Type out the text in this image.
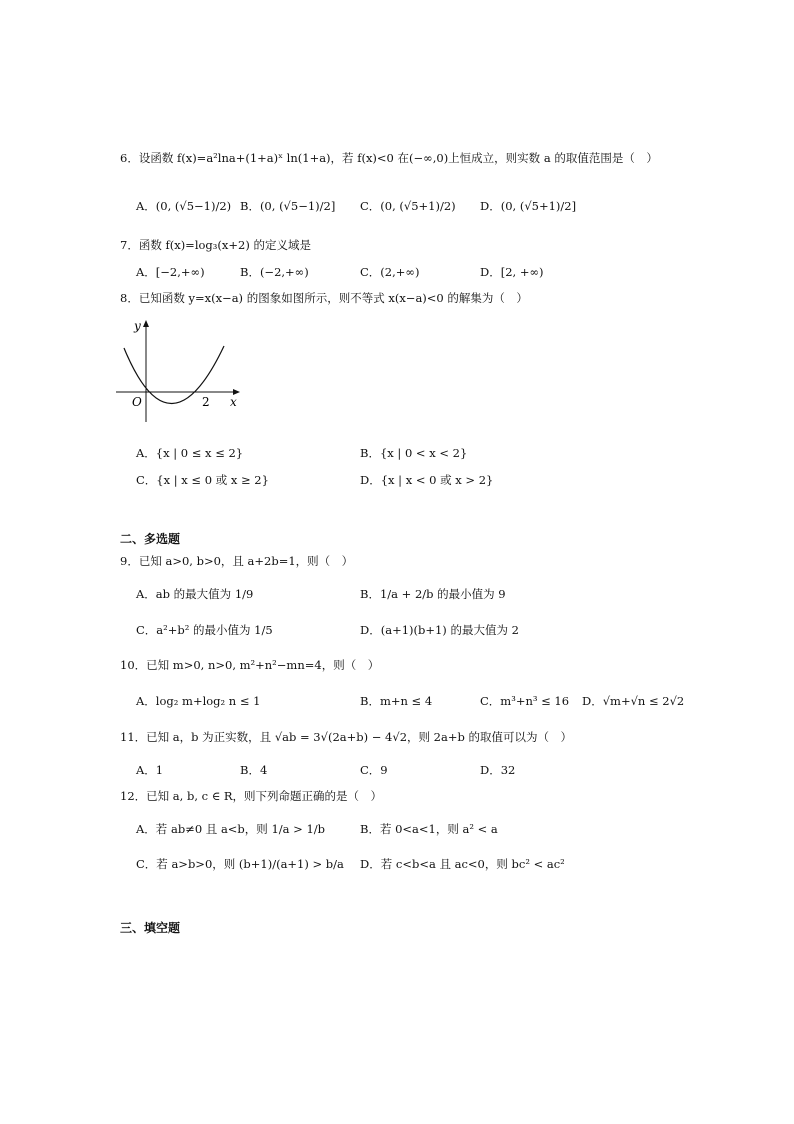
6．设函数 f(x)=a²lna+(1+a)ˣ ln(1+a)，若 f(x)<0 在(−∞,0)上恒成立，则实数 a 的取值范围是（　）
A．(0, (√5−1)/2) B．(0, (√5−1)/2] C．(0, (√5+1)/2) D．(0, (√5+1)/2]
7．函数 f(x)=log₃(x+2) 的定义域是
A．[−2,+∞)	B．(−2,+∞)	C．(2,+∞)	D．[2, +∞)
8．已知函数 y=x(x−a) 的图象如图所示，则不等式 x(x−a)<0 的解集为（　）
y
x
O	2
A．{x | 0 ≤ x ≤ 2}	B．{x | 0 < x < 2}
C．{x | x ≤ 0 或 x ≥ 2}	D．{x | x < 0 或 x > 2}
二、多选题
9．已知 a>0, b>0，且 a+2b=1，则（　）
A．ab 的最大值为 1/9	B．1/a + 2/b 的最小值为 9
C．a²+b² 的最小值为 1/5	D．(a+1)(b+1) 的最大值为 2
10．已知 m>0, n>0, m²+n²−mn=4，则（　）
A．log₂ m+log₂ n ≤ 1	B．m+n ≤ 4	C．m³+n³ ≤ 16 D．√m+√n ≤ 2√2
11．已知 a，b 为正实数，且 √ab = 3√(2a+b) − 4√2，则 2a+b 的取值可以为（　）
A．1	B．4	C．9	D．32
12．已知 a, b, c ∈ R，则下列命题正确的是（　）
A．若 ab≠0 且 a<b，则 1/a > 1/b	B．若 0<a<1，则 a² < a
C．若 a>b>0，则 (b+1)/(a+1) > b/a D．若 c<b<a 且 ac<0，则 bc² < ac²
三、填空题
